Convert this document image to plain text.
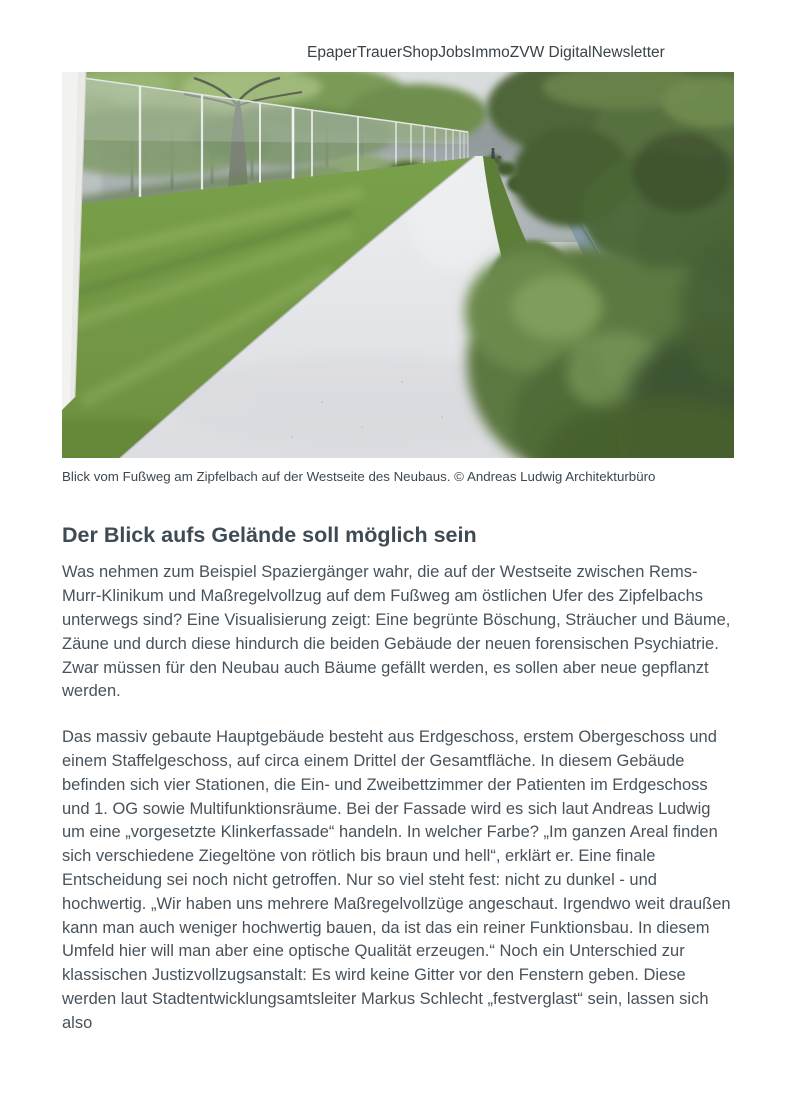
Epaper Trauer Shop Jobs Immo ZVW Digital Newsletter
Blick vom Fußweg am Zipfelbach auf der Westseite des Neubaus. © Andreas Ludwig Architekturbüro
Der Blick aufs Gelände soll möglich sein

Was nehmen zum Beispiel Spaziergänger wahr, die auf der Westseite zwischen Rems-Murr-Klinikum und Maßregelvollzug auf dem Fußweg am östlichen Ufer des Zipfelbachs unterwegs sind? Eine Visualisierung zeigt: Eine begrünte Böschung, Sträucher und Bäume, Zäune und durch diese hindurch die beiden Gebäude der neuen forensischen Psychiatrie. Zwar müssen für den Neubau auch Bäume gefällt werden, es sollen aber neue gepflanzt werden.

Das massiv gebaute Hauptgebäude besteht aus Erdgeschoss, erstem Obergeschoss und einem Staffelgeschoss, auf circa einem Drittel der Gesamtfläche. In diesem Gebäude befinden sich vier Stationen, die Ein- und Zweibettzimmer der Patienten im Erdgeschoss und 1. OG sowie Multifunktionsräume. Bei der Fassade wird es sich laut Andreas Ludwig um eine „vorgesetzte Klinkerfassade“ handeln. In welcher Farbe? „Im ganzen Areal finden sich verschiedene Ziegeltöne von rötlich bis braun und hell“, erklärt er. Eine finale Entscheidung sei noch nicht getroffen. Nur so viel steht fest: nicht zu dunkel - und hochwertig. „Wir haben uns mehrere Maßregelvollzüge angeschaut. Irgendwo weit draußen kann man auch weniger hochwertig bauen, da ist das ein reiner Funktionsbau. In diesem Umfeld hier will man aber eine optische Qualität erzeugen.“ Noch ein Unterschied zur klassischen Justizvollzugsanstalt: Es wird keine Gitter vor den Fenstern geben. Diese werden laut Stadtentwicklungsamtsleiter Markus Schlecht „festverglast“ sein, lassen sich also
